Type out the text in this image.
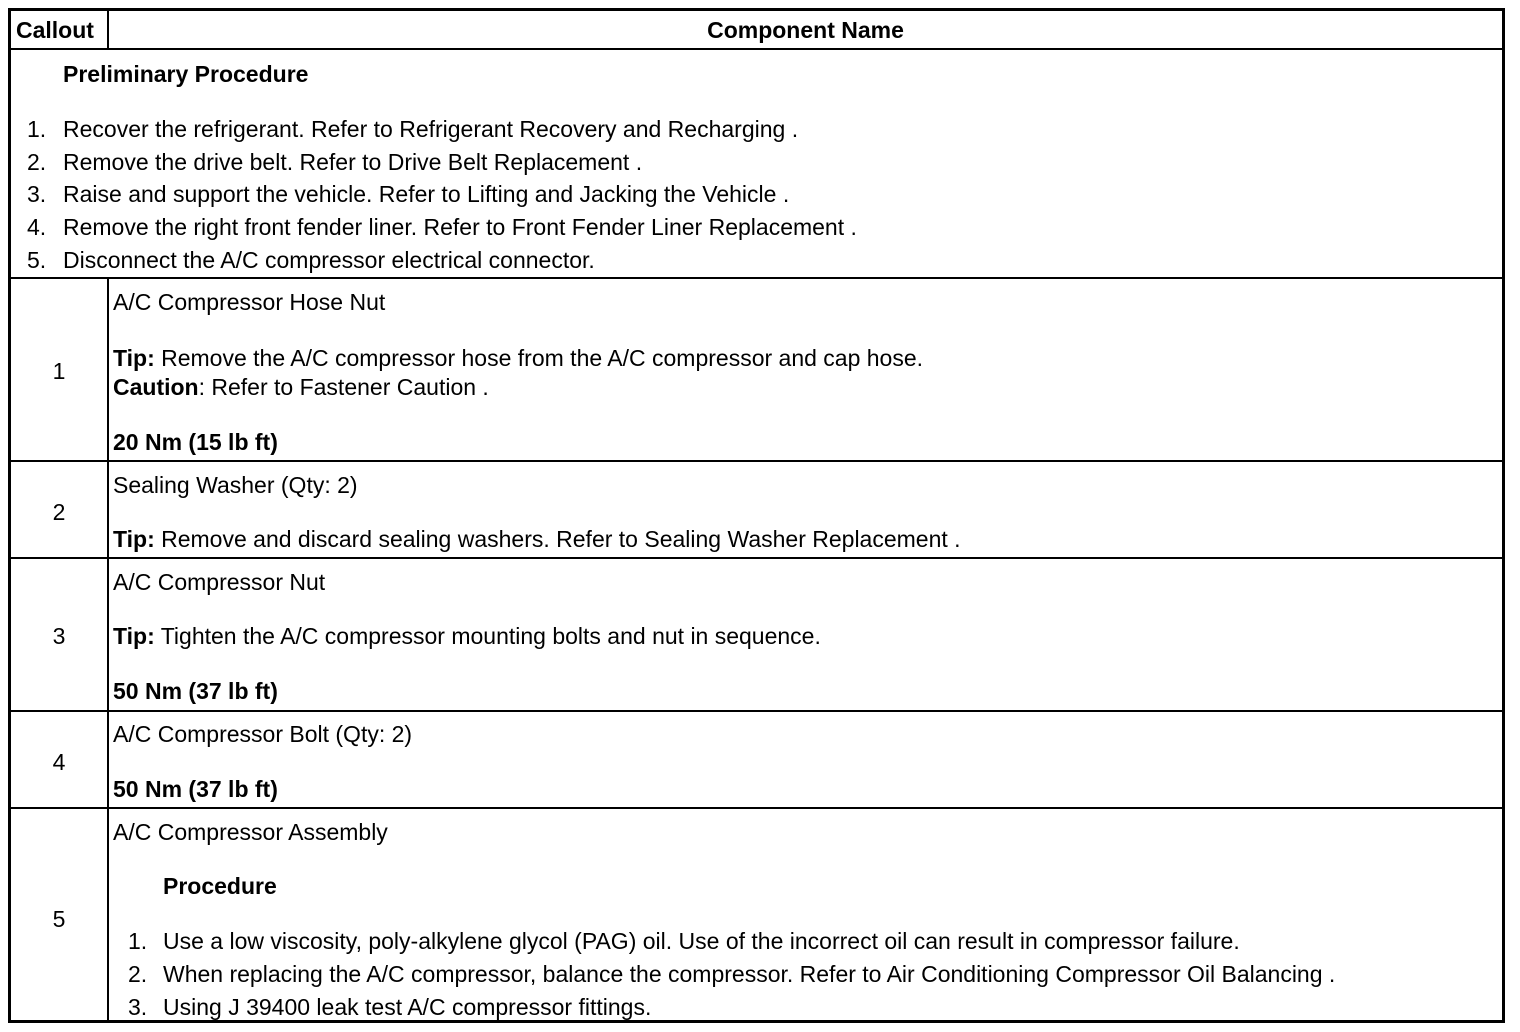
Callout	Component Name
Preliminary Procedure
1. Recover the refrigerant. Refer to Refrigerant Recovery and Recharging .
2. Remove the drive belt. Refer to Drive Belt Replacement .
3. Raise and support the vehicle. Refer to Lifting and Jacking the Vehicle .
4. Remove the right front fender liner. Refer to Front Fender Liner Replacement .
5. Disconnect the A/C compressor electrical connector.
1
A/C Compressor Hose Nut
Tip: Remove the A/C compressor hose from the A/C compressor and cap hose.
Caution: Refer to Fastener Caution .
20 Nm (15 lb ft)
2
Sealing Washer (Qty: 2)
Tip: Remove and discard sealing washers. Refer to Sealing Washer Replacement .
3
A/C Compressor Nut
Tip: Tighten the A/C compressor mounting bolts and nut in sequence.
50 Nm (37 lb ft)
4
A/C Compressor Bolt (Qty: 2)
50 Nm (37 lb ft)
5
A/C Compressor Assembly
Procedure
1. Use a low viscosity, poly-alkylene glycol (PAG) oil. Use of the incorrect oil can result in compressor failure.
2. When replacing the A/C compressor, balance the compressor. Refer to Air Conditioning Compressor Oil Balancing .
3. Using J 39400 leak test A/C compressor fittings.
